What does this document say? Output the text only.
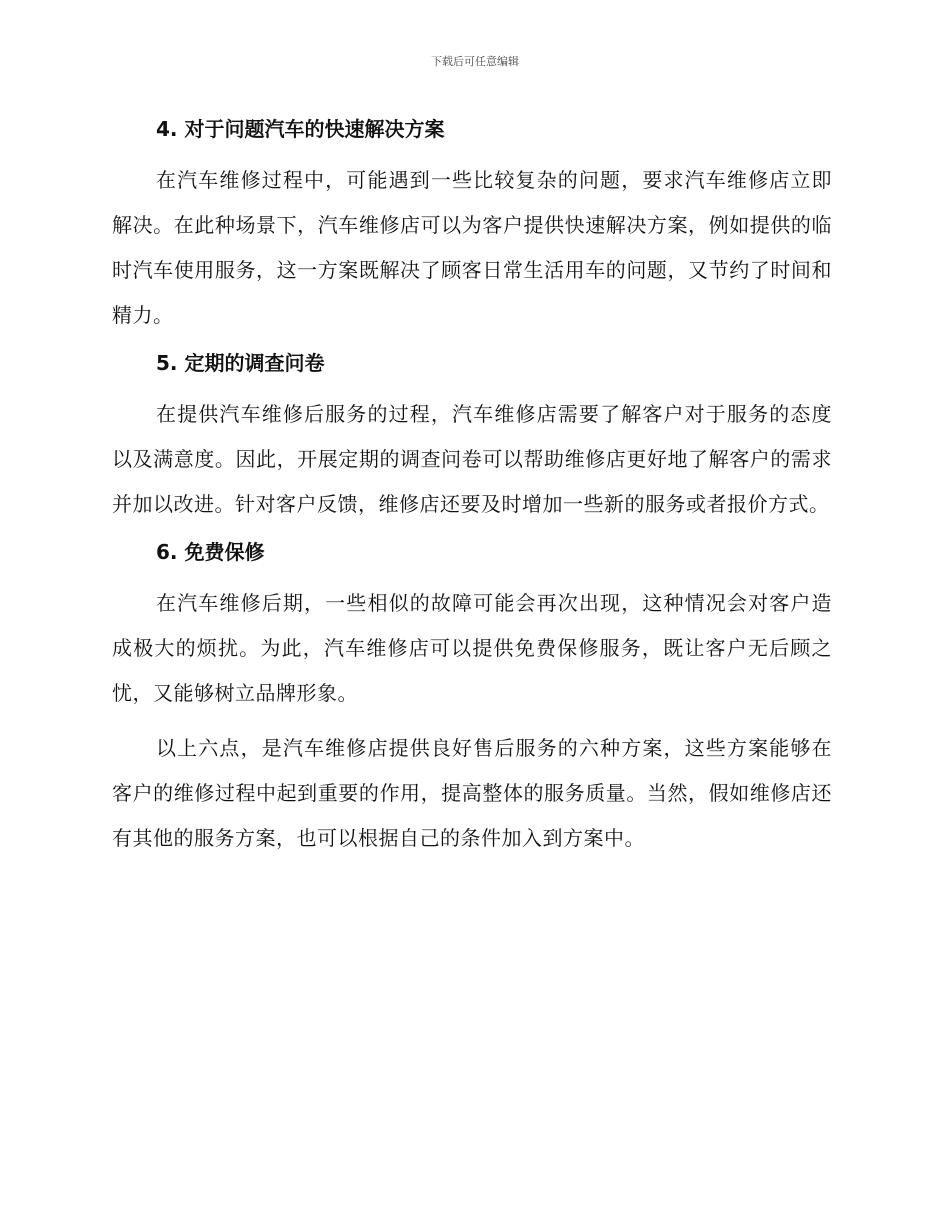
下载后可任意编辑
4. 对于问题汽车的快速解决方案

在汽车维修过程中，可能遇到一些比较复杂的问题，要求汽车维修店立即解决。在此种场景下，汽车维修店可以为客户提供快速解决方案，例如提供的临时汽车使用服务，这一方案既解决了顾客日常生活用车的问题，又节约了时间和精力。

5. 定期的调查问卷

在提供汽车维修后服务的过程，汽车维修店需要了解客户对于服务的态度以及满意度。因此，开展定期的调查问卷可以帮助维修店更好地了解客户的需求并加以改进。针对客户反馈，维修店还要及时增加一些新的服务或者报价方式。

6. 免费保修

在汽车维修后期，一些相似的故障可能会再次出现，这种情况会对客户造成极大的烦扰。为此，汽车维修店可以提供免费保修服务，既让客户无后顾之忧，又能够树立品牌形象。

以上六点，是汽车维修店提供良好售后服务的六种方案，这些方案能够在客户的维修过程中起到重要的作用，提高整体的服务质量。当然，假如维修店还有其他的服务方案，也可以根据自己的条件加入到方案中。
